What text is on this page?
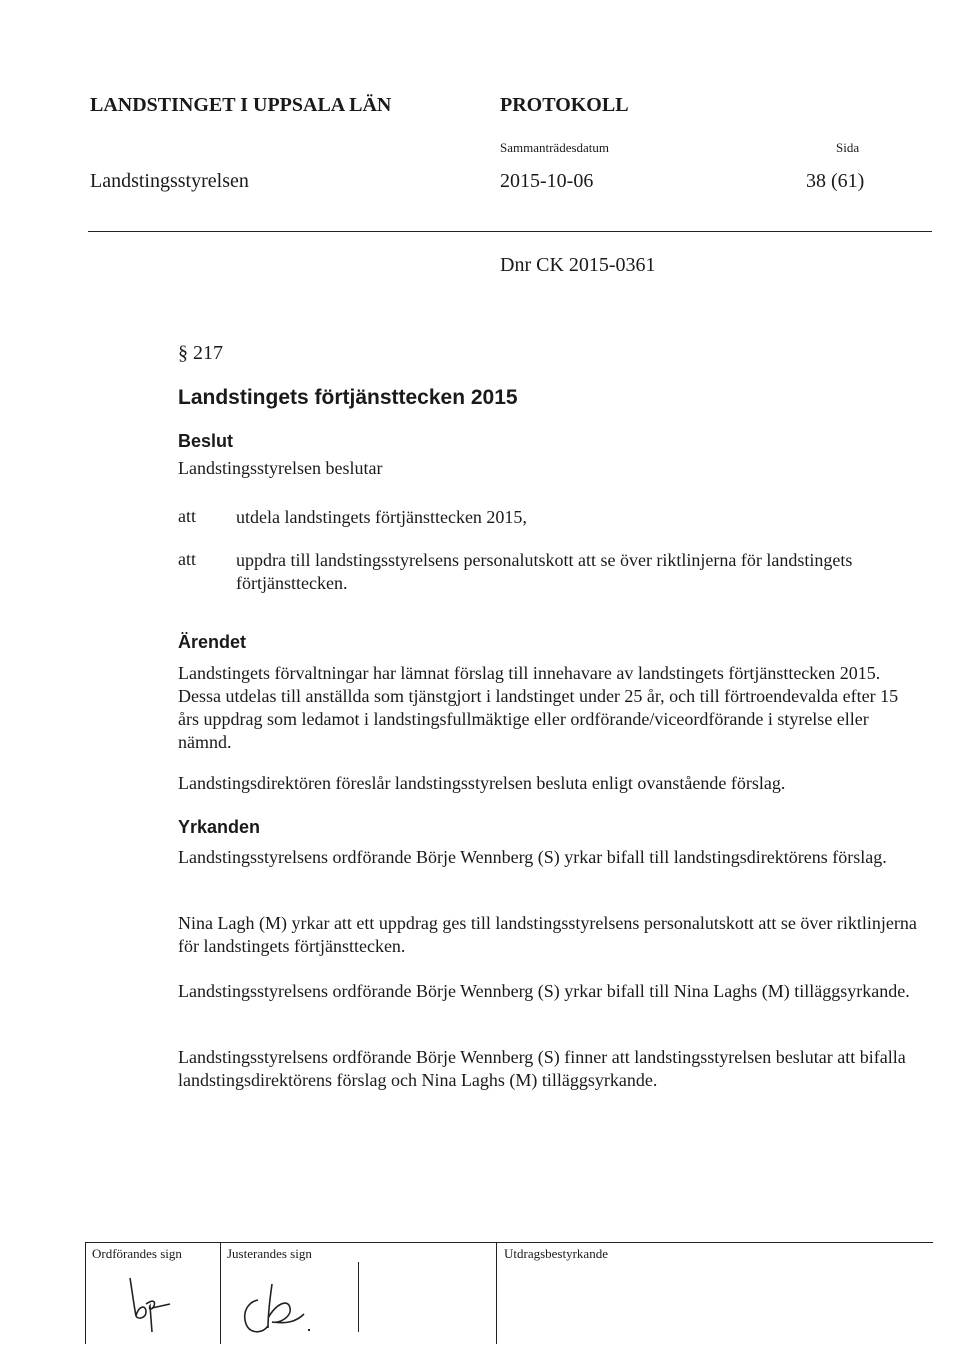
LANDSTINGET I UPPSALA LÄN	PROTOKOLL
Sammanträdesdatum	Sida
Landstingsstyrelsen	2015-10-06	38 (61)
Dnr CK 2015-0361
§ 217
Landstingets förtjänsttecken 2015
Beslut
Landstingsstyrelsen beslutar
att utdela landstingets förtjänsttecken 2015,
att uppdra till landstingsstyrelsens personalutskott att se över riktlinjerna för landstingets förtjänsttecken.
Ärendet
Landstingets förvaltningar har lämnat förslag till innehavare av landstingets förtjänsttecken 2015. Dessa utdelas till anställda som tjänstgjort i landstinget under 25 år, och till förtroendevalda efter 15 års uppdrag som ledamot i landstingsfullmäktige eller ordförande/viceordförande i styrelse eller nämnd.
Landstingsdirektören föreslår landstingsstyrelsen besluta enligt ovanstående förslag.
Yrkanden
Landstingsstyrelsens ordförande Börje Wennberg (S) yrkar bifall till landstingsdirektörens förslag.
Nina Lagh (M) yrkar att ett uppdrag ges till landstingsstyrelsens personalutskott att se över riktlinjerna för landstingets förtjänsttecken.
Landstingsstyrelsens ordförande Börje Wennberg (S) yrkar bifall till Nina Laghs (M) tilläggsyrkande.
Landstingsstyrelsens ordförande Börje Wennberg (S) finner att landstingsstyrelsen beslutar att bifalla landstingsdirektörens förslag och Nina Laghs (M) tilläggsyrkande.
Ordförandes sign	Justerandes sign	Utdragsbestyrkande
